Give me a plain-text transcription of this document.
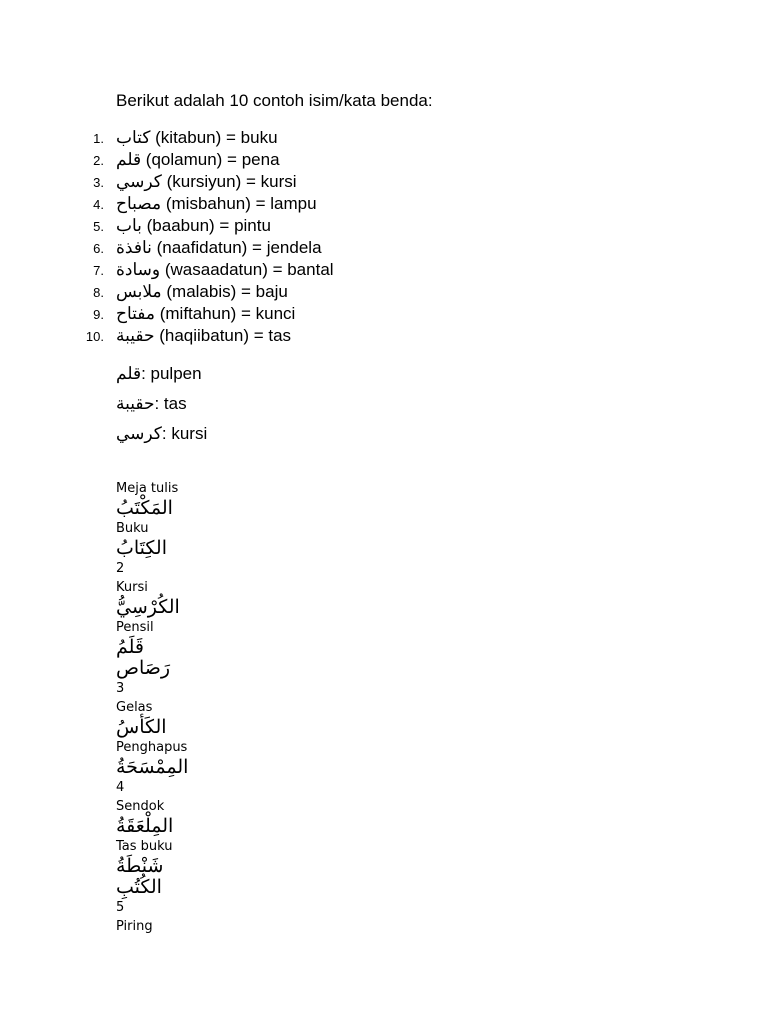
Berikut adalah 10 contoh isim/kata benda:

1. كتاب (kitabun) = buku
2. قلم (qolamun) = pena
3. كرسي (kursiyun) = kursi
4. مصباح (misbahun) = lampu
5. باب (baabun) = pintu
6. نافذة (naafidatun) = jendela
7. وسادة (wasaadatun) = bantal
8. ملابس (malabis) = baju
9. مفتاح (miftahun) = kunci
10. حقيبة (haqiibatun) = tas
قلم: pulpen
حقيبة: tas
كرسي: kursi
Meja tulis
المَكْتَبُ
Buku
الكِتَابُ
2
Kursi
الكُرْسِيُّ
Pensil
قَلَمُ
رَصَاص
3
Gelas
الكَأسُ
Penghapus
المِمْسَحَةُ
4
Sendok
المِلْعَقَةُ
Tas buku
شَنْطَةُ
الكُتُبِ
5
Piring
